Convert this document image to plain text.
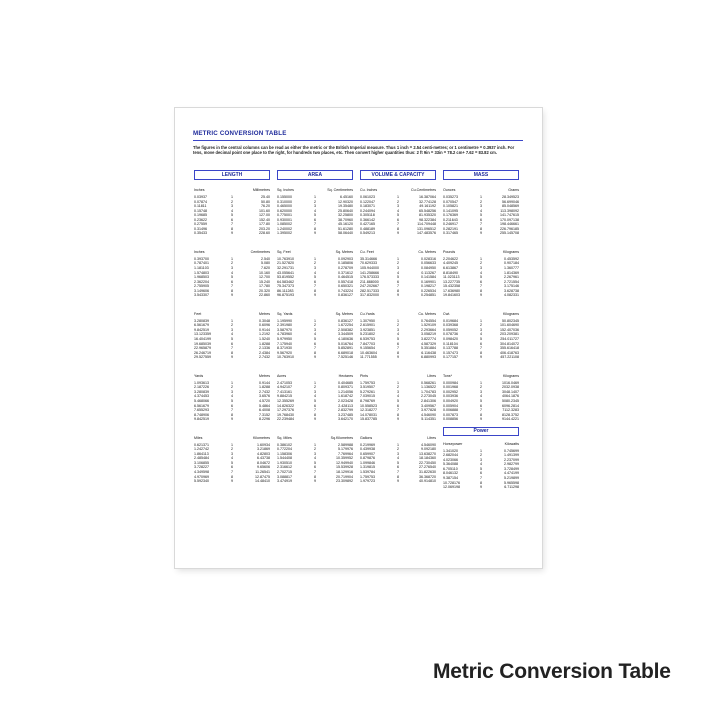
METRIC CONVERSION TABLE
The figures in the central columns can be read as either the metric or the British Imperial measure. Thus 1 inch = 2.54 centi-metres; or 1 centimetre = 0.3937 inch. For tens, move decimal point one place to the right, for hundreds two places, etc. Then convert higher quantities thus: 2 ft 9in = 33in = 78.2 cm+ 7.62 = 83.82 cm.
LENGTH	AREA	VOLUME & CAPACITY	MASS
Inches	Millimetres
0.03937	1	25.40
0.07874	2	50.80
0.11811	3	76.20
0.15748	4	101.60
0.19685	5	127.00
0.23622	6	152.40
0.27559	7	177.80
0.31496	8	203.20
0.35433	9	228.60
Inches	Centimetres
0.393700	1	2.540
0.787401	2	5.080
1.181103	3	7.620
1.574803	4	10.160
1.968503	5	12.700
2.362204	6	15.240
2.755905	7	17.780
3.149606	8	20.320
3.543307	9	22.860
Feet	Metres
3.280839	1	0.3048
6.561679	2	0.6096
9.842519	3	0.9144
13.123359	4	1.2192
16.404199	5	1.5240
19.685039	6	1.8288
22.965879	7	2.1336
26.246719	8	2.4384
29.527559	9	2.7432
Yards	Metres
1.093613	1	0.9144
2.187226	2	1.8288
3.280839	3	2.7432
4.374453	4	3.6576
5.468066	5	4.5720
6.561679	6	5.4864
7.655293	7	6.4008
8.748906	8	7.3152
9.842519	9	8.2296
Miles	Kilometres
0.621371	1	1.60934
1.242742	2	3.21869
1.864113	3	4.82803
2.485484	4	6.43738
3.106855	5	8.04672
3.728227	6	9.65606
4.349598	7	11.26541
4.970969	8	12.87475
5.592340	9	14.48410
Sq. Inches	Sq. Centimetres
0.155000	1	6.45160
0.310000	2	12.90320
0.465000	3	19.35480
0.620000	4	25.80640
0.775001	5	32.25800
0.930001	6	38.70960
1.085002	7	45.16120
1.240002	8	51.61280
1.395002	9	58.06440
Sq. Feet	Sq. Metres
10.763910	1	0.092903
21.527820	2	0.185806
32.291731	3	0.278709
43.055641	4	0.371612
53.819552	5	0.464515
64.583462	6	0.557418
75.347373	7	0.650321
86.111283	8	0.743224
96.875193	9	0.836127
Sq. Yards	Sq. Metres
1.195990	1	0.836127
2.391980	2	1.672254
3.587970	3	2.508382
4.783960	4	3.344509
5.979950	5	4.180636
7.175940	6	5.016764
8.371930	7	5.852891
9.567920	8	6.689018
10.763910	9	7.525146
Acres	Hectares
2.471053	1	0.404685
4.942107	2	0.809371
7.413161	3	1.214056
9.884215	4	1.618742
12.355269	5	2.023428
14.826322	6	2.428113
17.297376	7	2.832799
19.768430	8	3.237485
22.239484	9	3.642170
Sq. Miles	Sq.Kilometres
0.386102	1	2.589988
0.772204	2	5.179976
1.158306	3	7.769964
1.544408	4	10.359952
1.930510	5	12.949940
2.316612	6	15.539928
2.702715	7	18.129916
3.088817	8	20.719904
3.474919	9	23.309892
Cu. Inches	Cu.Centimetres
0.061023	1	16.387064
0.122047	2	32.774128
0.183071	3	49.161192
0.244094	4	65.548256
0.305118	5	81.935320
0.366142	6	98.322384
0.427165	7	114.709448
0.488189	8	131.096512
0.549213	9	147.483576
Cu. Feet	Cu. Metres
35.314666	1	0.028316
70.629333	2	0.056633
105.944000	3	0.084950
141.258666	4	0.113267
176.573333	5	0.141584
211.888000	6	0.169901
247.202667	7	0.198217
282.517333	8	0.226534
317.832000	9	0.254851
Cu.Yards	Cu. Metres
1.307950	1	0.764554
2.615901	2	1.529109
3.923851	3	2.293664
5.231802	4	3.058219
6.539753	5	3.822774
7.847703	6	4.587329
9.155654	7	5.351884
10.463604	8	6.116438
11.771555	9	6.880993
Pints	Litres
1.759753	1	0.568261
3.519507	2	1.136522
5.279261	3	1.704783
7.039015	4	2.273045
8.798769	5	2.841306
10.558523	6	3.409567
12.318277	7	3.977828
14.078031	8	4.546090
15.837785	9	5.114351
Gallons	Litres
0.219969	1	4.546090
0.439938	2	9.092180
0.659907	3	13.638270
0.879876	4	18.184360
1.099846	5	22.730450
1.319815	6	27.276540
1.539784	7	31.822630
1.759753	8	36.368720
1.979723	9	40.914810
Ounces	Grams
0.035273	1	28.349523
0.070547	2	56.699046
0.105821	3	85.048569
0.141095	4	113.398092
0.176369	5	141.747615
0.211643	6	170.097138
0.246917	7	198.446661
0.282191	8	226.796185
0.317465	9	255.145708
Pounds	Kilograms
2.204622	1	0.453592
4.409245	2	0.907184
6.613867	3	1.360777
8.818490	4	1.814369
11.023113	5	2.267961
13.227735	6	2.721554
15.432358	7	3.175146
17.636980	8	3.628738
19.841603	9	4.082331
Cwt.	Kilograms
0.019684	1	50.802345
0.039368	2	101.604690
0.059052	3	152.407036
0.078736	4	203.209381
0.098420	5	254.011727
0.118104	6	304.814072
0.137788	7	355.616418
0.157473	8	406.418763
0.177157	9	457.221108
Tons*	Kilograms
0.000984	1	1016.0469
0.001968	2	2032.0938
0.002952	3	3048.1407
0.003936	4	4064.1876
0.004920	5	5080.2345
0.005904	6	6096.2814
0.006888	7	7112.3283
0.007873	8	8128.3752
0.008856	9	9144.4221
Power
Horsepower	Kilowatts
1.341020	1	0.745699
2.682044	2	1.491399
4.023066	3	2.237099
5.364088	4	2.982799
6.705110	5	3.728499
8.046132	6	4.474199
9.387154	7	5.219899
10.728176	8	5.965598
12.069198	9	6.711298
Metric Conversion Table
